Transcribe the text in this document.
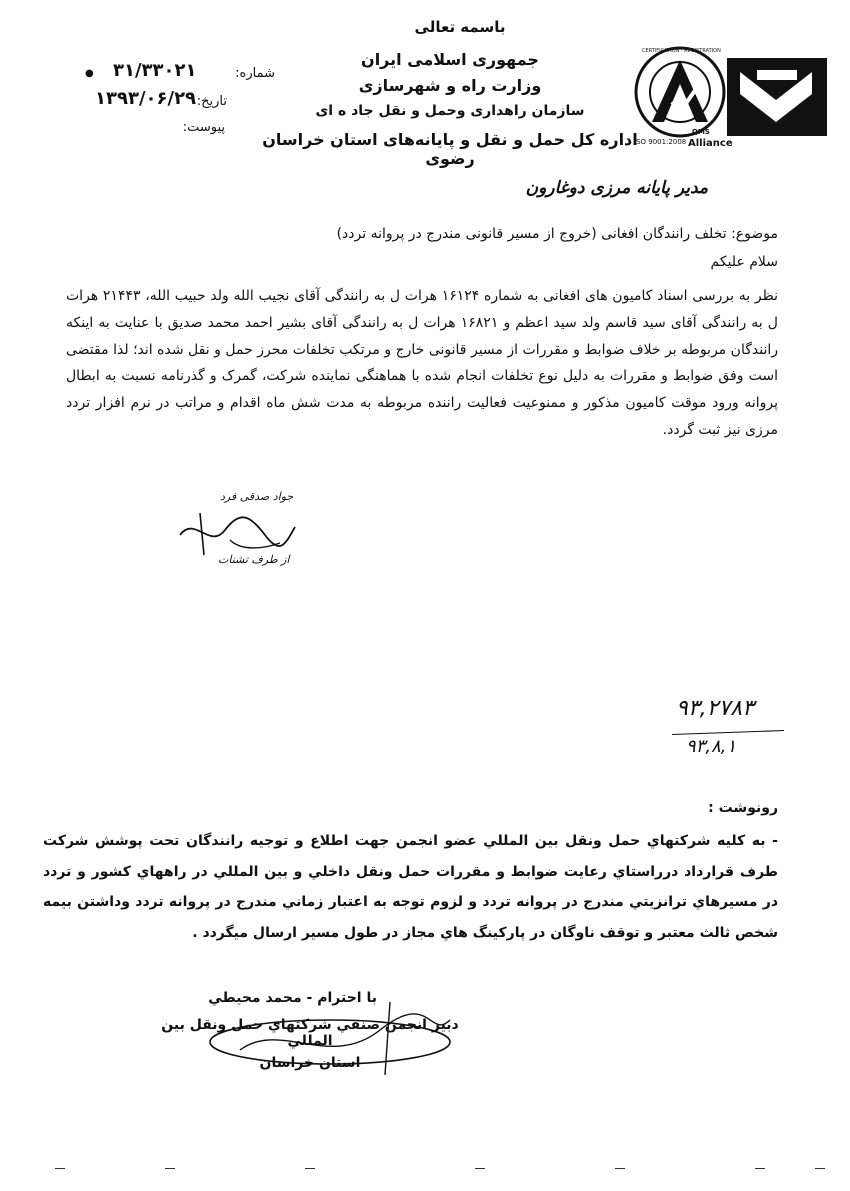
باسمه تعالی
جمهوری اسلامی ایران
وزارت راه و شهرسازی
سازمان راهداری وحمل و نقل جاد ه ای
اداره کل حمل و نقل و پایانه‌های استان خراسان رضوی
● ۳۱/۳۳۰۲۱	شماره:
۱۳۹۳/۰۶/۲۹ تاریخ:
پیوست:
CERTIFICATION · REGISTRATION
ISO 9001:2008
QMS
Alliance
مدیر پایانه مرزی دوغارون
موضوع: تخلف رانندگان افغانی (خروج از مسیر قانونی مندرج در پروانه تردد)
سلام علیکم
نظر به بررسی اسناد کامیون های افغانی به شماره ۱۶۱۲۴ هرات ل به رانندگی آقای نجیب الله ولد حبیب الله، ۲۱۴۴۳ هرات ل به رانندگی آقای سید قاسم ولد سید اعظم و ۱۶۸۲۱ هرات ل به رانندگی آقای بشیر احمد محمد صدیق با عنایت به اینکه رانندگان مربوطه بر خلاف ضوابط و مقررات از مسیر قانونی خارج و مرتکب تخلفات محرز حمل و نقل شده اند؛ لذا مقتضی است وفق ضوابط و مقررات به دلیل نوع تخلفات انجام شده با هماهنگی نماینده شرکت، گمرک و گذرنامه نسبت به ابطال پروانه ورود موقت کامیون مذکور و ممنوعیت فعالیت راننده مربوطه به مدت شش ماه اقدام و مراتب در نرم افزار تردد مرزی نیز ثبت گردد.
جواد صدقی فرد
از طرف تشنات
۹۳,۲۷۸۳
۹۳,۸,۱
رونوشت :
- به کليه شرکتهاي حمل ونقل بين المللي عضو انجمن جهت اطلاع و توجيه رانندگان تحت پوشش شرکت طرف قرارداد درراستاي رعايت ضوابط و مقررات حمل ونقل داخلي و بين المللي در راههاي کشور و تردد در مسيرهاي ترانزيتي مندرج در پروانه تردد و لزوم توجه به اعتبار زماني مندرج در پروانه تردد وداشتن بيمه شخص ثالث معتبر و توقف ناوگان در پارکينگ هاي مجاز در طول مسير ارسال ميگردد .
با احترام - محمد محيطي
دبير انجمن صنفي شرکتهاي حمل ونقل بين المللي
استان خراسان
